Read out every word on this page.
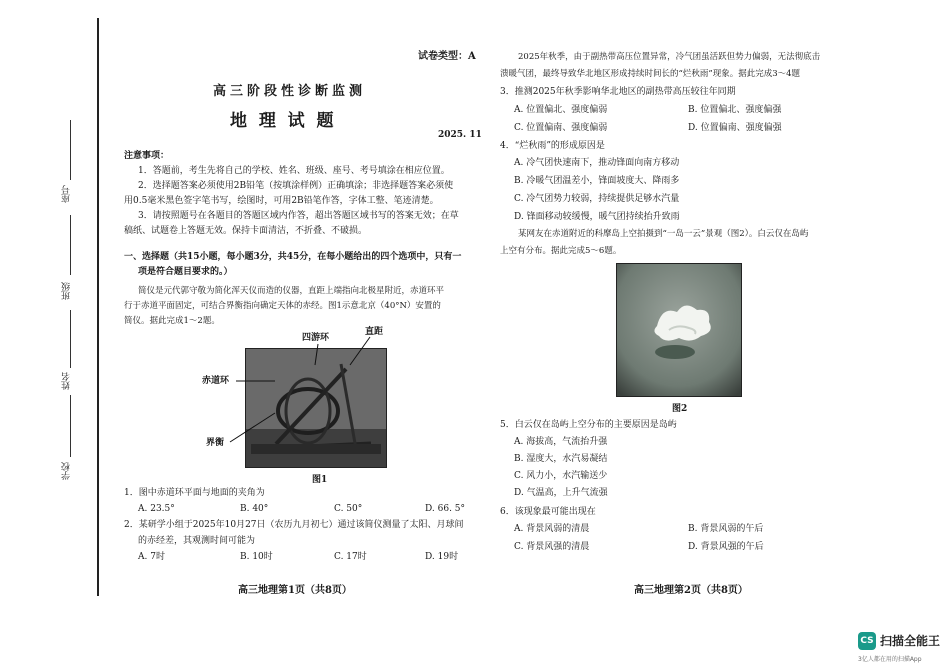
座号
班级
姓名
学校
试卷类型：A
高三阶段性诊断监测
地  理  试  题
2025. 11
注意事项：
1．答题前，考生先将自己的学校、姓名、班级、座号、考号填涂在相应位置。
2．选择题答案必须使用2B铅笔（按填涂样例）正确填涂；非选择题答案必须使
用0.5毫米黑色签字笔书写，绘图时，可用2B铅笔作答，字体工整、笔迹清楚。
3．请按照题号在各题目的答题区域内作答，超出答题区域书写的答案无效；在草
稿纸、试题卷上答题无效。保持卡面清洁，不折叠、不破损。
一、选择题（共15小题，每小题3分，共45分，在每小题给出的四个选项中，只有一
项是符合题目要求的。）
简仪是元代郭守敬为简化浑天仪而造的仪器，直距上端指向北极星附近，赤道环平
行于赤道平面固定，可结合界衡指向确定天体的赤经。图1示意北京（40°N）安置的
简仪。据此完成1～2题。
四游环
直距
赤道环
界衡
图1
1．图中赤道环平面与地面的夹角为
A. 23.5°	B. 40°	C. 50°	D. 66. 5°
2．某研学小组于2025年10月27日（农历九月初七）通过该简仪测量了太阳、月球间
的赤经差，其观测时间可能为
A. 7时	B. 10时	C. 17时	D. 19时
高三地理第1页（共8页）
2025年秋季，由于副热带高压位置异常，冷气团虽活跃但势力偏弱，无法彻底击
溃暖气团，最终导致华北地区形成持续时间长的“烂秋雨”现象。据此完成3～4题
3．推测2025年秋季影响华北地区的副热带高压较往年同期
A. 位置偏北、强度偏弱	B. 位置偏北、强度偏强
C. 位置偏南、强度偏弱	D. 位置偏南、强度偏强
4．“烂秋雨”的形成原因是
A. 冷气团快速南下，推动锋面向南方移动
B. 冷暖气团温差小，锋面坡度大、降雨多
C. 冷气团势力较弱，持续提供足够水汽量
D. 锋面移动较缓慢，暖气团持续抬升致雨
某网友在赤道附近的科摩岛上空拍摄到“一岛一云”景观（图2）。白云仅在岛屿
上空有分布。据此完成5～6题。
图2
5．白云仅在岛屿上空分布的主要原因是岛屿
A. 海拔高，气流抬升强
B. 湿度大，水汽易凝结
C. 风力小，水汽输送少
D. 气温高，上升气流强
6．该现象最可能出现在
A. 背景风弱的清晨	B. 背景风弱的午后
C. 背景风强的清晨	D. 背景风强的午后
高三地理第2页（共8页）
CS 扫描全能王
3亿人都在用的扫描App
